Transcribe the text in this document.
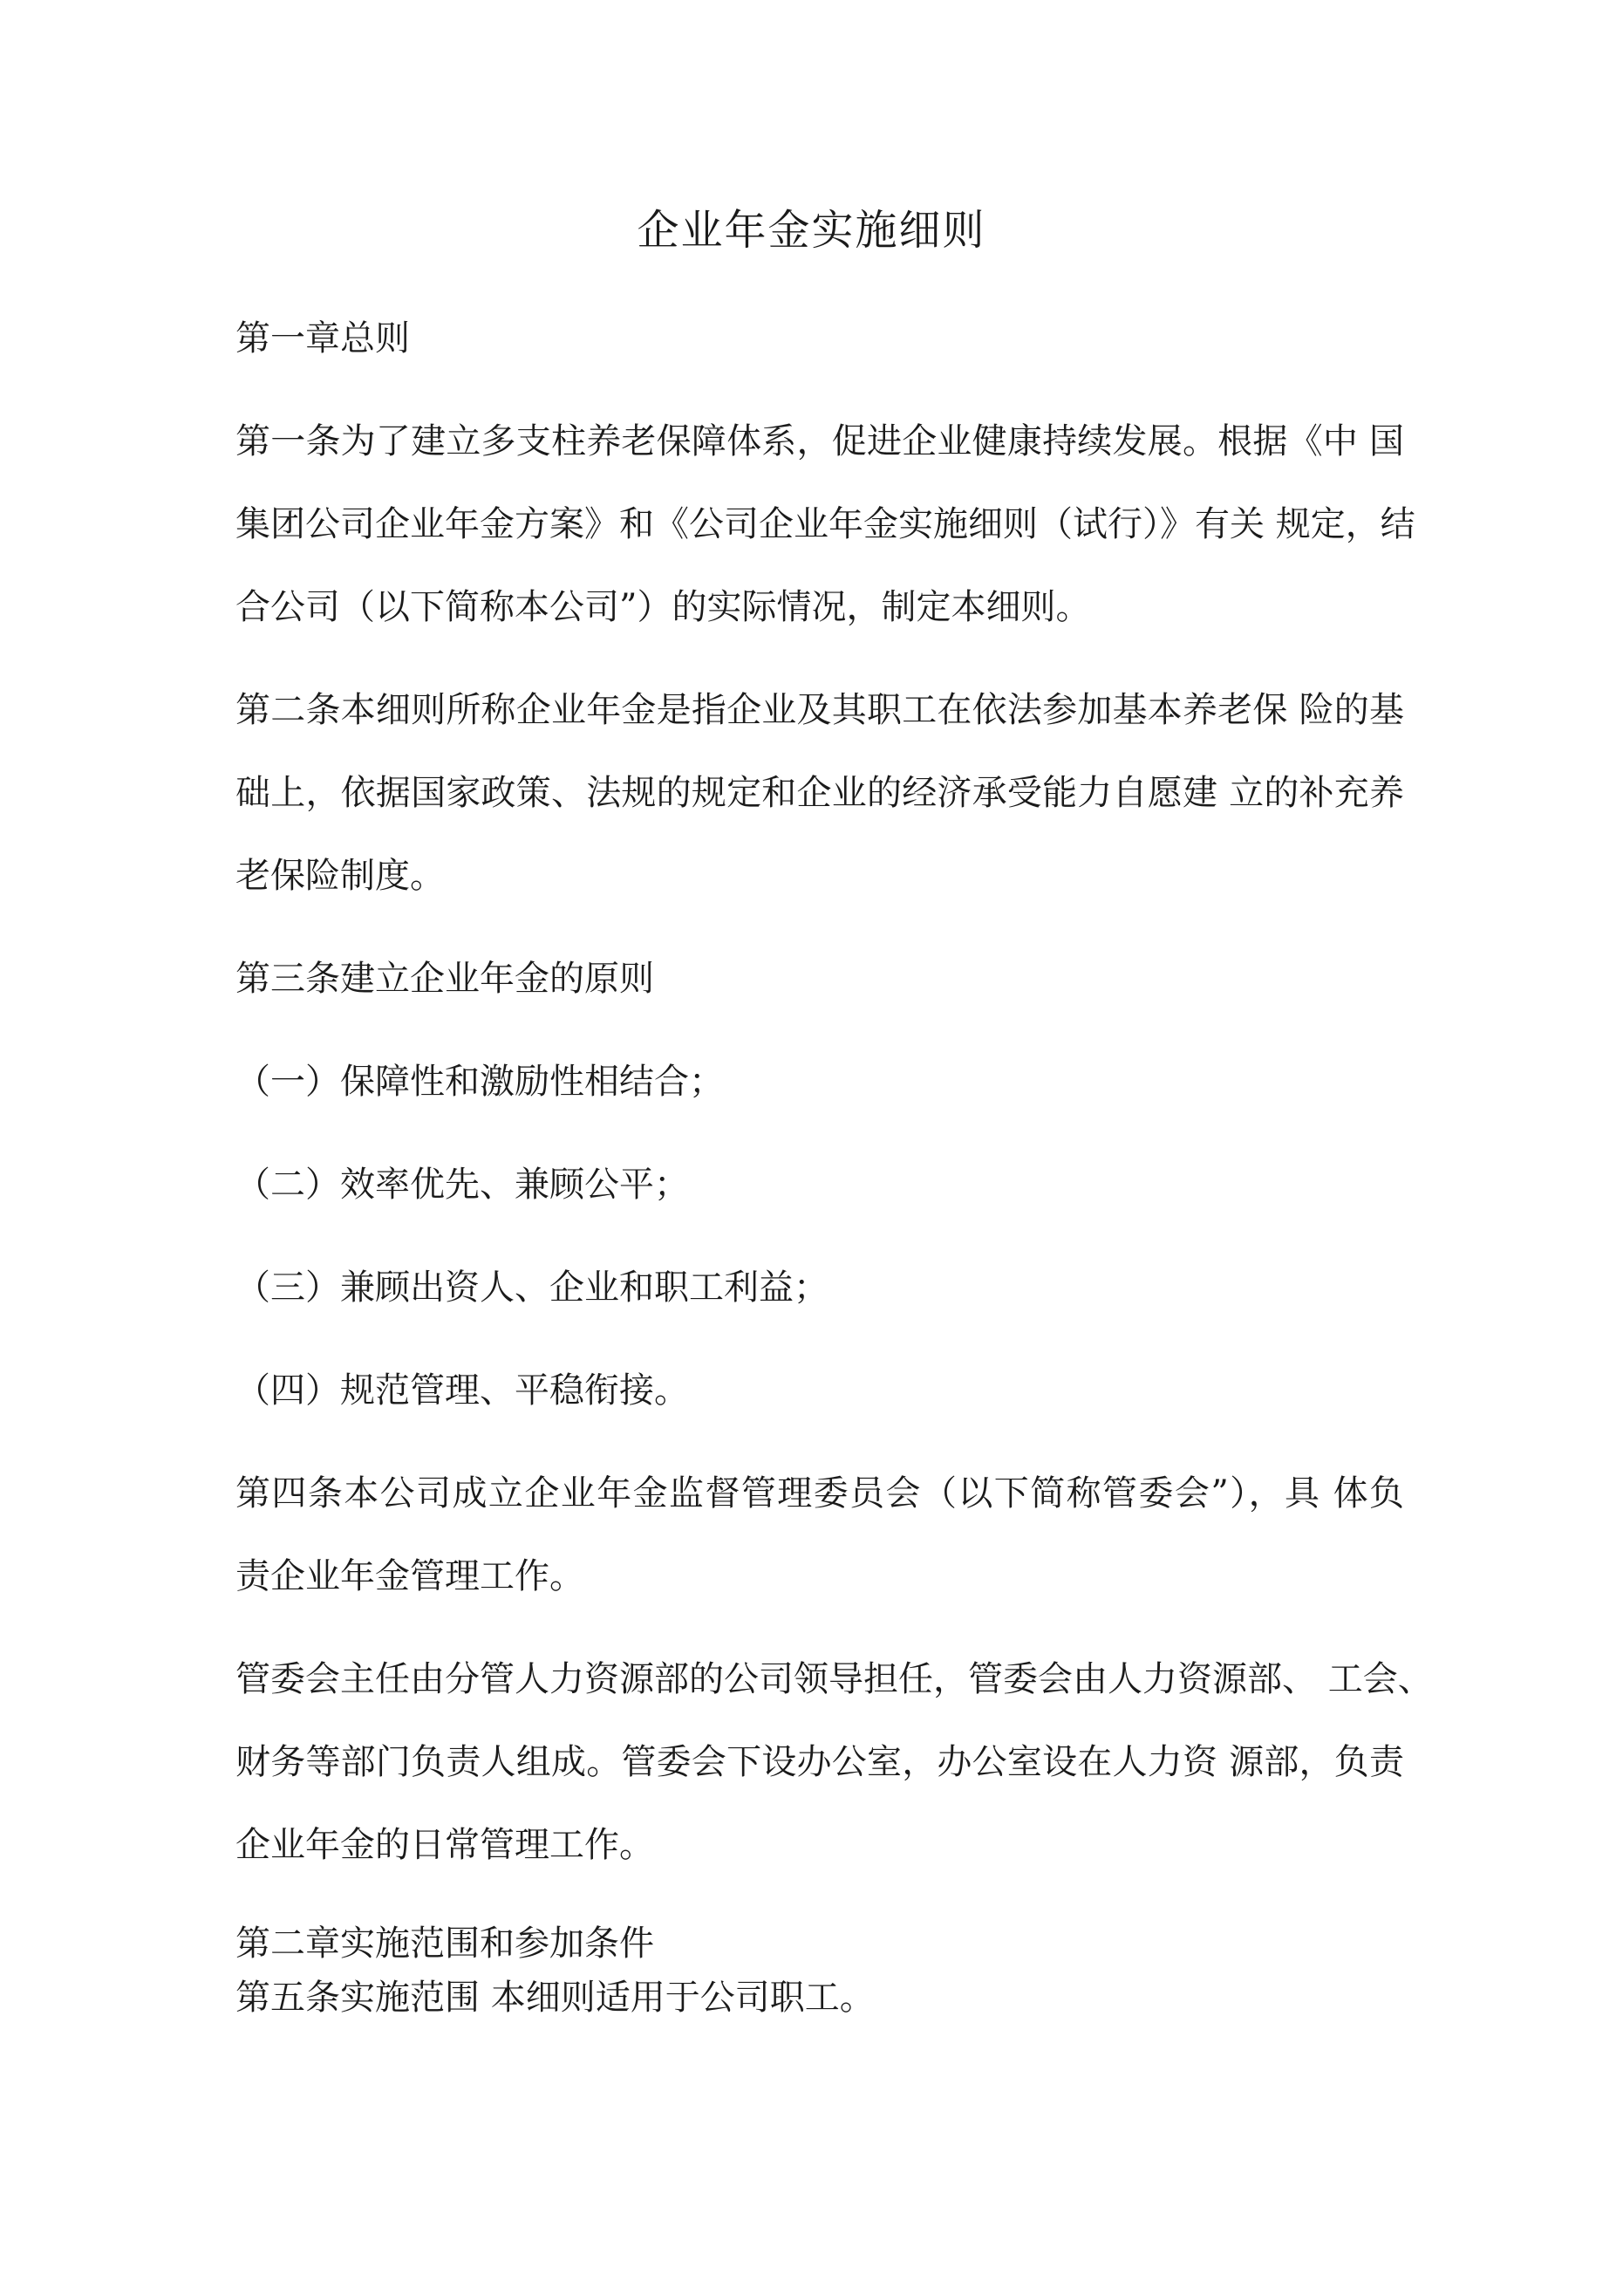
企业年金实施细则
第一章总则
第一条为了建立多支柱养老保障体系，促进企业健康持续发展。根据《中 国
集团公司企业年金方案》和《公司企业年金实施细则（试行）》有关 规定，结
合公司（以下简称本公司”）的实际情况，制定本细则。
第二条本细则所称企业年金是指企业及其职工在依法参加基本养老保 险的基
础上，依据国家政策、法规的规定和企业的经济承受能力自愿建 立的补充养
老保险制度。
第三条建立企业年金的原则
（一）保障性和激励性相结合；
（二）效率优先、兼顾公平；
（三）兼顾出资人、企业和职工利益；
（四）规范管理、平稳衔接。
第四条本公司成立企业年金监督管理委员会（以下简称管委会”），具 体负
责企业年金管理工作。
管委会主任由分管人力资源部的公司领导担任，管委会由人力资源部、 工会、
财务等部门负责人组成。管委会下设办公室，办公室设在人力资 源部，负责
企业年金的日常管理工作。
第二章实施范围和参加条件
第五条实施范围 本细则适用于公司职工。
